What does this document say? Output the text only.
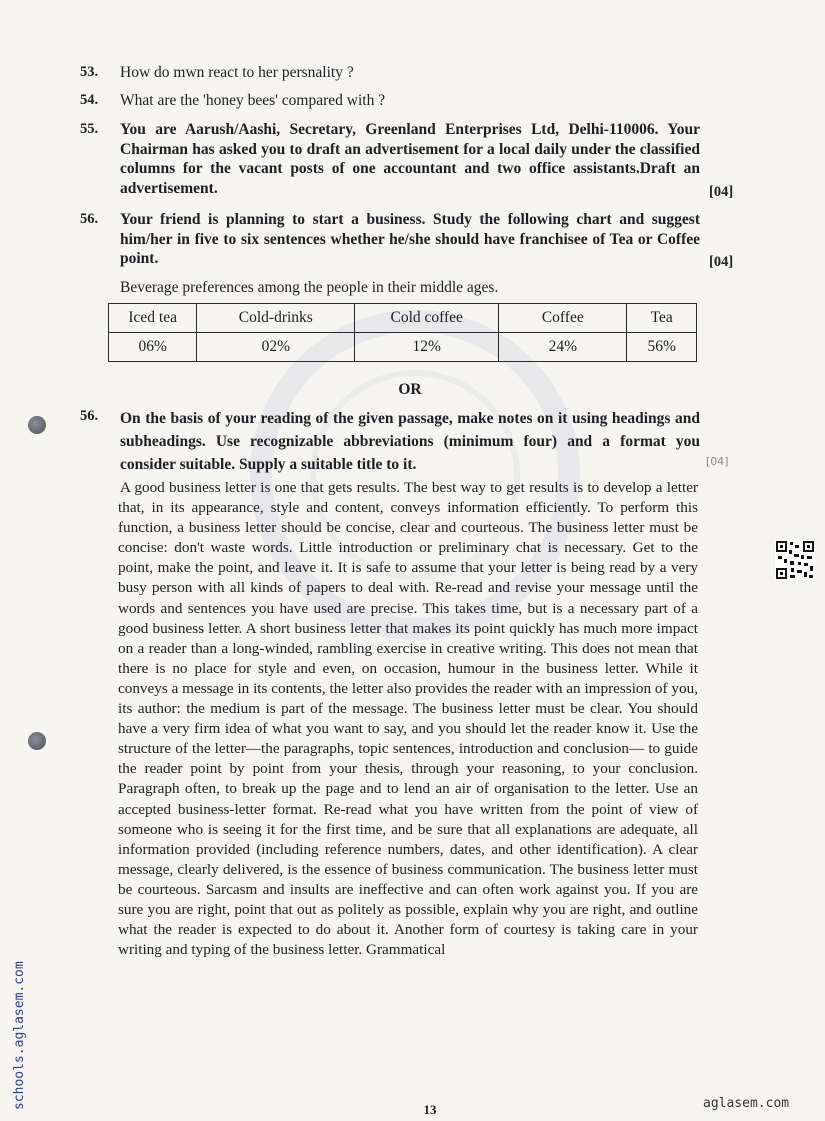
53.	How do mwn react to her persnality ?
54.	What are the 'honey bees' compared with ?
55.	You are Aarush/Aashi, Secretary, Greenland Enterprises Ltd, Delhi-110006. Your Chairman has asked you to draft an advertisement for a local daily under the classified columns for the vacant posts of one accountant and two office assistants.Draft an advertisement.	[04]
56.	Your friend is planning to start a business. Study the following chart and suggest him/her in five to six sentences whether he/she should have franchisee of Tea or Coffee point.	[04]
Beverage preferences among the people in their middle ages.
Iced tea	Cold-drinks	Cold coffee	Coffee	Tea
06%	02%	12%	24%	56%
OR
56.	On the basis of your reading of the given passage, make notes on it using headings and subheadings. Use recognizable abbreviations (minimum four) and a format you consider suitable. Supply a suitable title to it.	[04]
A good business letter is one that gets results. The best way to get results is to develop a letter that, in its appearance, style and content, conveys information efficiently. To perform this function, a business letter should be concise, clear and courteous. The business letter must be concise: don't waste words. Little introduction or preliminary chat is necessary. Get to the point, make the point, and leave it. It is safe to assume that your letter is being read by a very busy person with all kinds of papers to deal with. Re-read and revise your message until the words and sentences you have used are precise. This takes time, but is a necessary part of a good business letter. A short business letter that makes its point quickly has much more impact on a reader than a long-winded, rambling exercise in creative writing. This does not mean that there is no place for style and even, on occasion, humour in the business letter. While it conveys a message in its contents, the letter also provides the reader with an impression of you, its author: the medium is part of the message. The business letter must be clear. You should have a very firm idea of what you want to say, and you should let the reader know it. Use the structure of the letter—the paragraphs, topic sentences, introduction and conclusion— to guide the reader point by point from your thesis, through your reasoning, to your conclusion. Paragraph often, to break up the page and to lend an air of organisation to the letter. Use an accepted business-letter format. Re-read what you have written from the point of view of someone who is seeing it for the first time, and be sure that all explanations are adequate, all information provided (including reference numbers, dates, and other identification). A clear message, clearly delivered, is the essence of business communication. The business letter must be courteous. Sarcasm and insults are ineffective and can often work against you. If you are sure you are right, point that out as politely as possible, explain why you are right, and outline what the reader is expected to do about it. Another form of courtesy is taking care in your writing and typing of the business letter. Grammatical
schools.aglasem.com	13	aglasem.com
